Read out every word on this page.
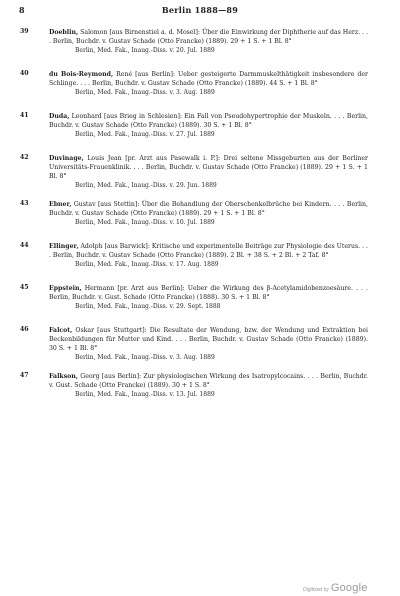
8	Berlin 1888—89
39	Doeblin, Salomon [aus Birnenstiel a. d. Mosel]: Über die Einwirkung der Diphtherie auf das Herz. . . . Berlin, Buchdr. v. Gustav Schade (Otto Francke) (1889). 29 + 1 S. + 1 Bl. 8°
Berlin, Med. Fak., Inaug.-Diss. v. 20. Jul. 1889
40	du Bois-Reymond, René [aus Berlin]: Ueber gesteigerte Darmmuskelthätigkeit insbesondere der Schlinge. . . . Berlin, Buchdr. v. Gustav Schade (Otto Francke) (1889). 44 S. + 1 Bl. 8°
Berlin, Med. Fak., Inaug.-Diss. v. 3. Aug. 1889
41	Duda, Leonhard [aus Brieg in Schlesien]: Ein Fall von Pseudohypertrophie der Muskeln. . . . Berlin, Buchdr. v. Gustav Schade (Otto Francke) (1889). 30 S. + 1 Bl. 8°
Berlin, Med. Fak., Inaug.-Diss. v. 27. Jul. 1889
42	Duvinage, Louis Jean [pr. Arzt aus Pasewalk i. P.]: Drei seltene Missgeburten aus der Berliner Universitäts-Frauenklinik. . . . Berlin, Buchdr. v. Gustav Schade (Otto Francke) (1889). 29 + 1 S. + 1 Bl. 8°
Berlin, Med. Fak., Inaug.-Diss. v. 29. Jun. 1889
43	Ebner, Gustav [aus Stettin]: Über die Behandlung der Oberschenkelbrüche bei Kindern. . . . Berlin, Buchdr. v. Gustav Schade (Otto Francke) (1889). 29 + 1 S. + 1 Bl. 8°
Berlin, Med. Fak., Inaug.-Diss. v. 10. Jul. 1889
44	Ellinger, Adolph [aus Barwick]: Kritische und experimentelle Beiträge zur Physiologie des Uterus. . . . Berlin, Buchdr. v. Gustav Schade (Otto Francke) (1889). 2 Bl. + 38 S. + 2 Bl. + 2 Taf. 8°
Berlin, Med. Fak., Inaug.-Diss. v. 17. Aug. 1889
45	Eppstein, Hermann [pr. Arzt aus Berlin]: Ueber die Wirkung des β-Acetylamidobenzoesäure. . . . Berlin, Buchdr. v. Gust. Schade (Otto Francke) (1888). 30 S. + 1 Bl. 8°
Berlin, Med. Fak., Inaug.-Diss. v. 29. Sept. 1888
46	Falcot, Oskar [aus Stuttgart]: Die Resultate der Wendung, bzw. der Wendung und Extraktion bei Beckenbildungen für Mutter und Kind. . . . Berlin, Buchdr. v. Gustav Schade (Otto Francke) (1889). 30 S. + 1 Bl. 8°
Berlin, Med. Fak., Inaug.-Diss. v. 3. Aug. 1889
47	Falkson, Georg [aus Berlin]: Zur physiologischen Wirkung des Isatropylcocains. . . . Berlin, Buchdr. v. Gust. Schade (Otto Francke) (1889). 30 + 1 S. 8°
Berlin, Med. Fak., Inaug.-Diss. v. 13. Jul. 1889
Digitized by Google
